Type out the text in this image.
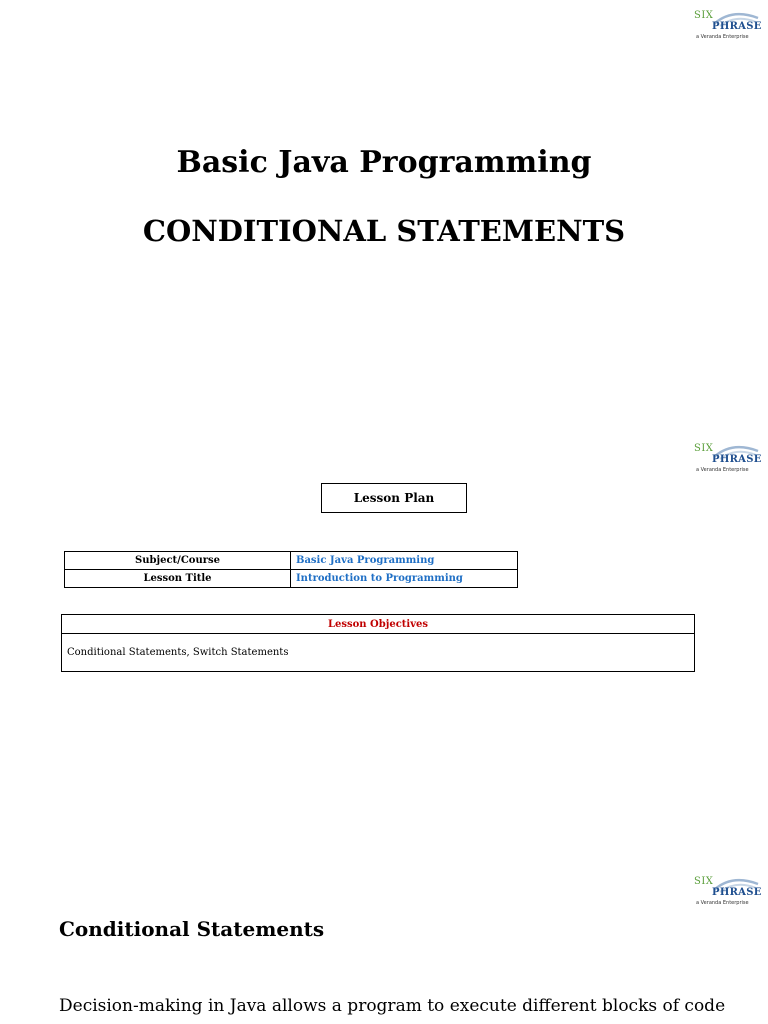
SIX
PHRASE
a Veranda Enterprise
Basic Java Programming
CONDITIONAL STATEMENTS
SIX
PHRASE
a Veranda Enterprise
Lesson Plan
Subject/Course	Basic Java Programming
Lesson Title	Introduction to Programming
Lesson Objectives
Conditional Statements, Switch Statements
SIX
PHRASE
a Veranda Enterprise
Conditional Statements

Decision-making in Java allows a program to execute different blocks of code
